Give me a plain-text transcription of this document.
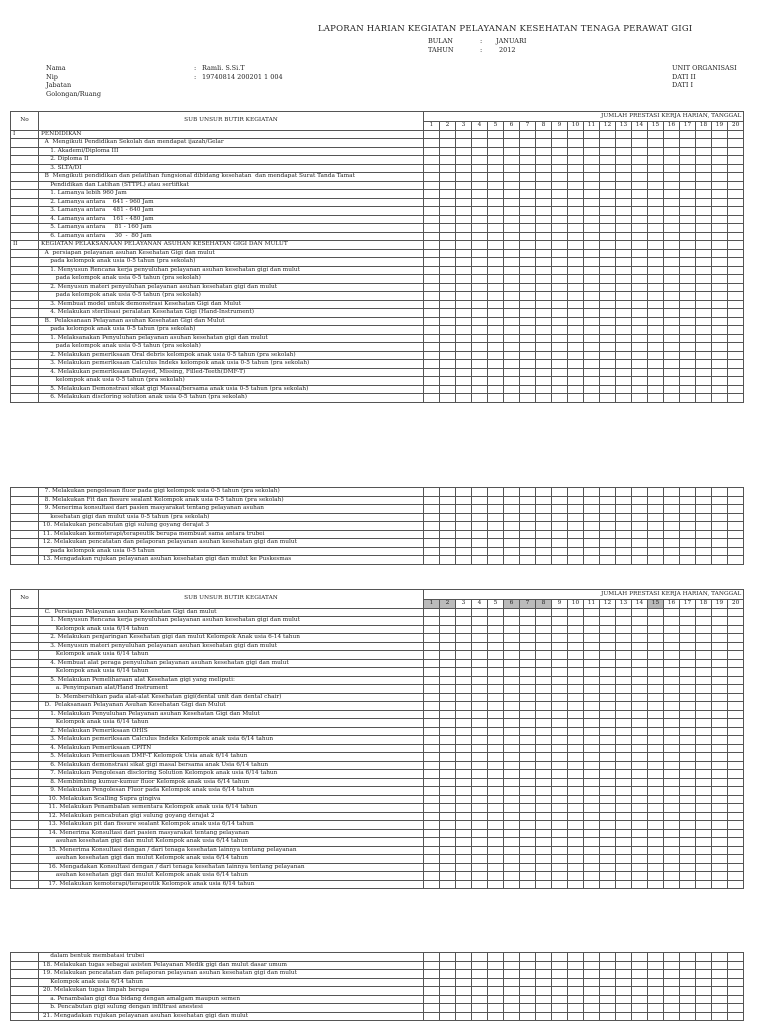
LAPORAN HARIAN KEGIATAN PELAYANAN KESEHATAN TENAGA PERAWAT GIGI
BULAN
TAHUN
:
:
JANUARI
2012
Nama
Nip
Jabatan
Golongan/Ruang
:
:
Ramli. S.Si.T
19740814 200201 1 004
UNIT ORGANISASI
DATI II
DATI I
No	SUB UNSUR BUTIR KEGIATAN	JUMLAH PRESTASI KERJA HARIAN, TANGGAL																			
		1	2	3	4	5	6	7	8	9	10	11	12	13	14	15	16	17	18	19	20
I	PENDIDIKAN																				
	A  Mengikuti Pendidikan Sekolah dan mendapat ijazah/Gelar																				
	1. Akademi/Diploma III																				
	2. Diploma II																				
	3. SLTA/DI																				
	B  Mengikuti pendidikan dan pelatihan fungsional dibidang kesehatan  dan mendapat Surat Tanda Tamat																				
	Pendidikan dan Latihan (STTPL) atau sertifikat																				
	1. Lamanya lebih 960 Jam																				
	2. Lamanya antara    641 - 960 Jam																				
	3. Lamanya antara    481 - 640 Jam																				
	4. Lamanya antara    161 - 480 Jam																				
	5. Lamanya antara     81 - 160 Jam																				
	6. Lamanya antara     30  -  80 Jam																				
II	KEGIATAN PELAKSANAAN PELAYANAN ASUHAN KESEHATAN GIGI DAN MULUT																				
	A  persiapan pelayanan asuhan Kesehatan Gigi dan mulut																				
	pada kelompok anak usia 0-5 tahun (pra sekolah)																				
	1. Menyusun Rencana kerja penyuluhan pelayanan asuhan kesehatan gigi dan mulut																				
	pada kelompok anak usia 0-5 tahun (pra sekolah)																				
	2. Menyusun materi penyuluhan pelayanan asuhan kesehatan gigi dan mulut																				
	pada kelompok anak usia 0-5 tahun (pra sekolah)																				
	3. Membuat model untuk demonstrasi Kesehatan Gigi dan Mulut																				
	4. Melakukan sterilisasi peralatan Kesehatan Gigi (Hand-Instrument)																				
	B.  Pelaksanaan Pelayanan asuhan Kesehatan Gigi dan Mulut																				
	pada kelompok anak usia 0-5 tahun (pra sekolah)																				
	1. Melaksanakan Penyuluhan pelayanan asuhan kesehatan gigi dan mulut																				
	pada kelompok anak usia 0-5 tahun (pra sekolah)																				
	2. Melakukan pemeriksaan Oral debris kelompok anak usia 0-5 tahun (pra sekolah)																				
	3. Melakukan pemeriksaan Calculus Indeks kelompok anak usia 0-5 tahun (pra sekolah)																				
	4. Melakukan pemeriksaan Delayed, Missing, Filled-Teeth(DMF-T)																				
	kelompok anak usia 0-5 tahun (pra sekolah)																				
	5. Melakukan Demonstrasi sikat gigi Massal/bersama anak usia 0-5 tahun (pra sekolah)																				
	6. Melakukan discloring solution anak usia 0-5 tahun (pra sekolah)																				
	7. Melakukan pengolesan fluor pada gigi kelompok usia 0-5 tahun (pra sekolah)																				
	8. Melakukan Fit dan fissure sealant Kelompok anak usia 0-5 tahun (pra sekolah)																				
	9. Menerima konsultasi dari pasien masyarakat tentang pelayanan asuhan																				
	kesehatan gigi dan mulut usia 0-5 tahun (pra sekolah)																				
	10. Melakukan pencabutan gigi sulung goyang derajat 3																				
	11. Melakukan kemoterapi/terapeutik berupa membuat sama antara trubei																				
	12. Melakukan pencatatan dan pelaporan pelayanan asuhan kesehatan gigi dan mulut																				
	pada kelompok anak usia 0-5 tahun																				
	13. Mengadakan rujukan pelayanan asuhan kesehatan gigi dan mulut ke Puskesmas																				
No	SUB UNSUR BUTIR KEGIATAN	JUMLAH PRESTASI KERJA HARIAN, TANGGAL																			
		1	2	3	4	5	6	7	8	9	10	11	12	13	14	15	16	17	18	19	20
	C.  Persiapan Pelayanan asuhan Kesehatan Gigi dan mulut																				
	1. Menyusun Rencana kerja penyuluhan pelayanan asuhan kesehatan gigi dan mulut																				
	Kelompok anak usia 6/14 tahun																				
	2. Melakukan penjaringan Kesehatan gigi dan mulut Kelompok Anak usia 6-14 tahun																				
	3. Menyusun materi penyuluhan pelayanan asuhan kesehatan gigi dan mulut																				
	Kelompok anak usia 6/14 tahun																				
	4. Membuat alat peraga penyuluhan pelayanan asuhan kesehatan gigi dan mulut																				
	Kelompok anak usia 6/14 tahun																				
	5. Melakukan Pemeliharaan alat Kesehatan gigi yang meliputi:																				
	a. Penyimpanan alat/Hand Instrument																				
	b. Membersihkan pada alat-alat Kesehatan gigi(dental unit dan dental chair)																				
	D.  Pelaksanaan Pelayanan Asuhan Kesehatan Gigi dan Mulut																				
	1. Melakukan Penyuluhan Pelayanan asuhan Kesehatan Gigi dan Mulut																				
	Kelompok anak usia 6/14 tahun																				
	2. Melakukan Pemeriksaan OHIS																				
	3. Melakukan pemeriksaan Calculus Indeks Kelompok anak usia 6/14 tahun																				
	4. Melakukan Pemeriksaan CPITN																				
	5. Melakukan Pemeriksaan DMF-T Kelompok Usia anak 6/14 tahun																				
	6. Melakukan demonstrasi sikat gigi masal bersama anak Usia 6/14 tahun																				
	7. Melakukan Pengolesan discloring Solution Kelompok anak usia 6/14 tahun																				
	8. Membimbing kumur-kumur fluor Kelompok anak usia 6/14 tahun																				
	9. Melakukan Pengolesan Fluor pada Kelompok anak usia 6/14 tahun																				
	10. Melakukan Scalling Supra gingiva																				
	11. Melakukan Penambalan sementara Kelompok anak usia 6/14 tahun																				
	12. Melakukan pencabutan gigi sulung goyang derajat 2																				
	13. Melakukan pit dan fissure sealant Kelompok anak usia 6/14 tahun																				
	14. Menerima Konsultasi dari pasien masyarakat tentang pelayanan																				
	asuhan kesehatan gigi dan mulut Kelompok anak usia 6/14 tahun																				
	15. Menerima Konsultasi dengan / dari tenaga kesehatan lainnya tentang pelayanan																				
	asuhan kesehatan gigi dan mulut Kelompok anak usia 6/14 tahun																				
	16. Mengadakan Konsultasi dengan / dari tenaga kesehatan lainnya tentang pelayanan																				
	asuhan kesehatan gigi dan mulut Kelompok anak usia 6/14 tahun																				
	17. Melakukan kemoterapi/terapeutik Kelompok anak usia 6/14 tahun																				
	dalam bentuk membatasi trubei																				
	18. Melakukan tugas sebagai asisten Pelayanan Medik gigi dan mulut dasar umum																				
	19. Melakukan pencatatan dan pelaporan pelayanan asuhan kesehatan gigi dan mulut																				
	Kelompok anak usia 6/14 tahun																				
	20. Melakukan tugas limpah berupa																				
	a. Penambalan gigi dua bidang dengan amalgam maupun semen																				
	b. Pencabutan gigi sulung dengan infiltrasi anestesi																				
	21. Mengadakan rujukan pelayanan asuhan kesehatan gigi dan mulut																				
